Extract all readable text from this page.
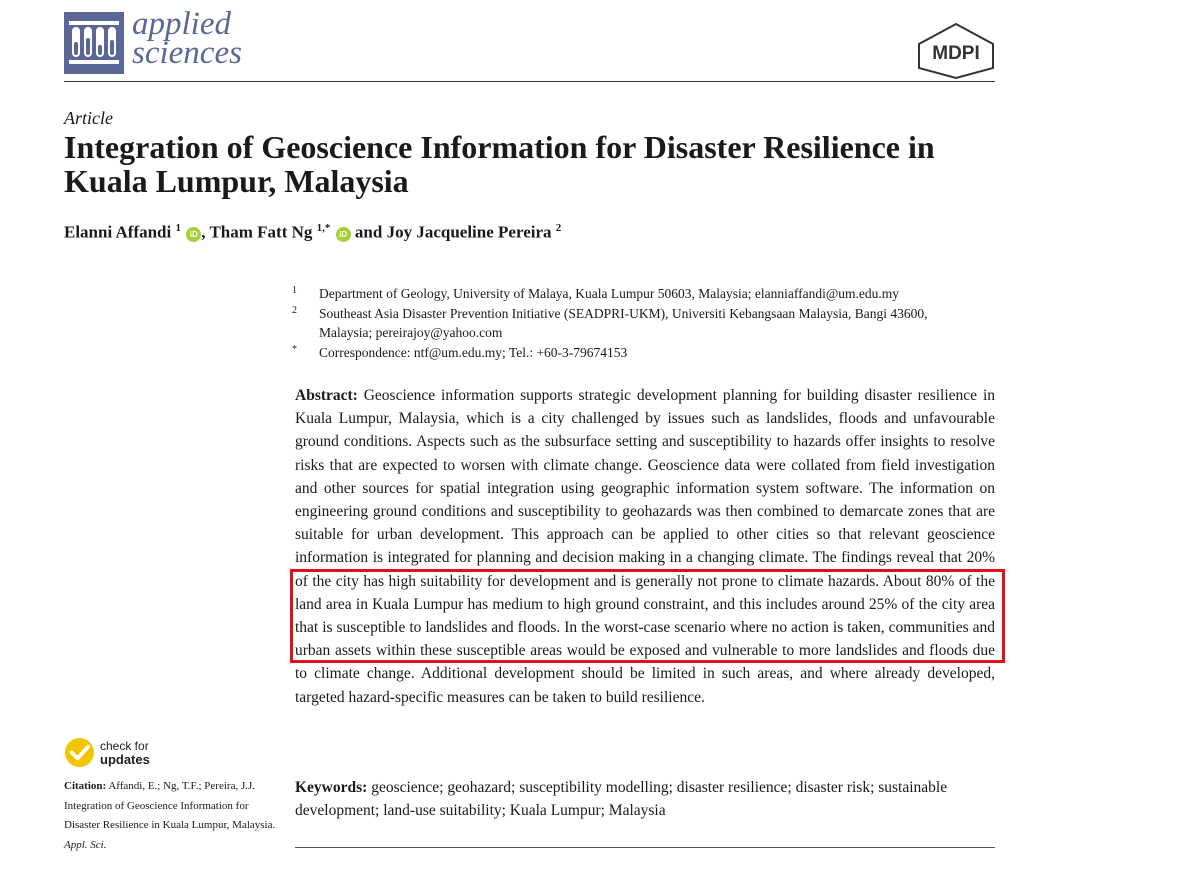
applied
sciences	MDPI
Article
Integration of Geoscience Information for Disaster Resilience in Kuala Lumpur, Malaysia
Elanni Affandi $^1$ iD , Tham Fatt Ng $^{1,*}$ iD and Joy Jacqueline Pereira $^2$
1	Department of Geology, University of Malaya, Kuala Lumpur 50603, Malaysia; elanniaffandi@um.edu.my
2	Southeast Asia Disaster Prevention Initiative (SEADPRI-UKM), Universiti Kebangsaan Malaysia, Bangi 43600, Malaysia; pereirajoy@yahoo.com
*	Correspondence: ntf@um.edu.my; Tel.: +60-3-79674153
Abstract: Geoscience information supports strategic development planning for building disaster resilience in Kuala Lumpur, Malaysia, which is a city challenged by issues such as landslides, floods and unfavourable ground conditions. Aspects such as the subsurface setting and susceptibility to hazards offer insights to resolve risks that are expected to worsen with climate change. Geoscience data were collated from field investigation and other sources for spatial integration using geographic information system software. The information on engineering ground conditions and susceptibility to geohazards was then combined to demarcate zones that are suitable for urban development. This approach can be applied to other cities so that relevant geoscience information is integrated for planning and decision making in a changing climate. The findings reveal that 20% of the city has high suitability for development and is generally not prone to climate hazards. About 80% of the land area in Kuala Lumpur has medium to high ground constraint, and this includes around 25% of the city area that is susceptible to landslides and floods. In the worst-case scenario where no action is taken, communities and urban assets within these susceptible areas would be exposed and vulnerable to more landslides and floods due to climate change. Additional development should be limited in such areas, and where already developed, targeted hazard-specific measures can be taken to build resilience.
Keywords: geoscience; geohazard; susceptibility modelling; disaster resilience; disaster risk; sustainable development; land-use suitability; Kuala Lumpur; Malaysia
check for
updates
Citation: Affandi, E.; Ng, T.F.; Pereira, J.J. Integration of Geoscience Information for Disaster Resilience in Kuala Lumpur, Malaysia. Appl. Sci.
